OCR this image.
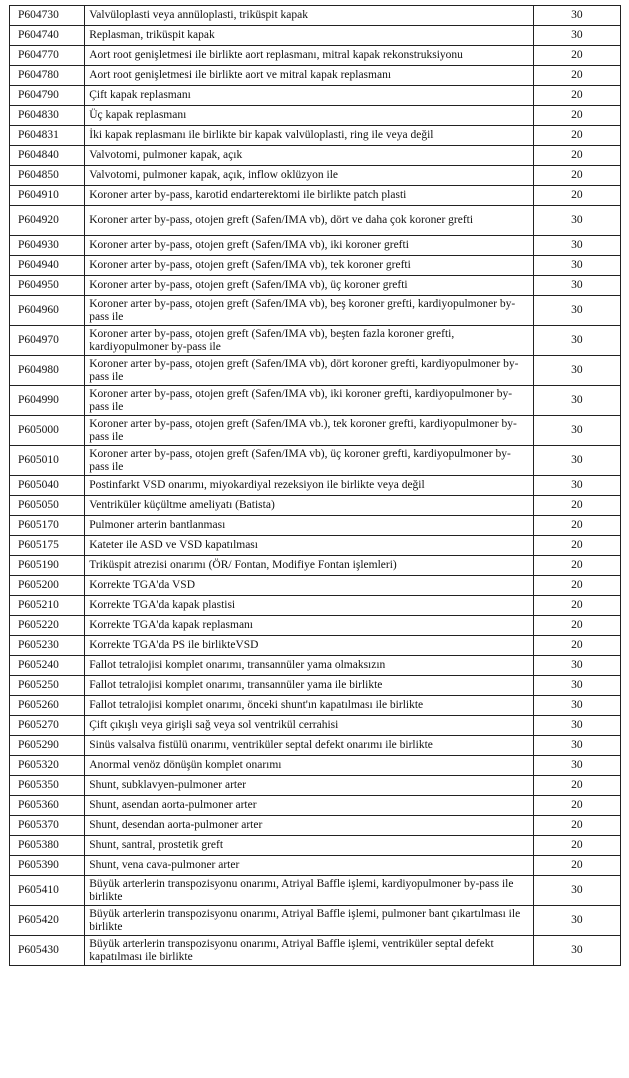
P604730	Valvüloplasti veya annüloplasti, triküspit kapak	30
P604740	Replasman, triküspit kapak	30
P604770	Aort root genişletmesi ile birlikte aort replasmanı, mitral kapak rekonstruksiyonu	20
P604780	Aort root genişletmesi ile birlikte aort ve mitral kapak replasmanı	20
P604790	Çift kapak replasmanı	20
P604830	Üç kapak replasmanı	20
P604831	İki kapak replasmanı ile birlikte bir kapak valvüloplasti, ring ile veya değil	20
P604840	Valvotomi, pulmoner kapak, açık	20
P604850	Valvotomi, pulmoner kapak, açık, inflow oklüzyon ile	20
P604910	Koroner arter by-pass, karotid endarterektomi ile birlikte patch plasti	20
P604920	Koroner arter by-pass, otojen greft (Safen/IMA vb), dört ve daha çok koroner grefti	30
P604930	Koroner arter by-pass, otojen greft (Safen/IMA vb), iki koroner grefti	30
P604940	Koroner arter by-pass, otojen greft (Safen/IMA vb), tek koroner grefti	30
P604950	Koroner arter by-pass, otojen greft (Safen/IMA vb), üç koroner grefti	30
P604960	Koroner arter by-pass, otojen greft (Safen/IMA vb), beş koroner grefti, kardiyopulmoner by-pass ile	30
P604970	Koroner arter by-pass, otojen greft (Safen/IMA vb), beşten fazla koroner grefti, kardiyopulmoner by-pass ile	30
P604980	Koroner arter by-pass, otojen greft (Safen/IMA vb), dört koroner grefti, kardiyopulmoner by-pass ile	30
P604990	Koroner arter by-pass, otojen greft (Safen/IMA vb), iki koroner grefti, kardiyopulmoner by-pass ile	30
P605000	Koroner arter by-pass, otojen greft (Safen/IMA vb.), tek koroner grefti, kardiyopulmoner by-pass ile	30
P605010	Koroner arter by-pass, otojen greft (Safen/IMA vb), üç koroner grefti, kardiyopulmoner by-pass ile	30
P605040	Postinfarkt VSD onarımı, miyokardiyal rezeksiyon ile birlikte veya değil	30
P605050	Ventriküler küçültme ameliyatı (Batista)	20
P605170	Pulmoner arterin bantlanması	20
P605175	Kateter ile ASD ve VSD kapatılması	20
P605190	Triküspit atrezisi onarımı (ÖR/ Fontan, Modifiye Fontan işlemleri)	20
P605200	Korrekte TGA'da VSD	20
P605210	Korrekte TGA'da kapak plastisi	20
P605220	Korrekte TGA'da kapak replasmanı	20
P605230	Korrekte TGA'da PS ile birlikteVSD	20
P605240	Fallot tetralojisi komplet onarımı, transannüler yama olmaksızın	30
P605250	Fallot tetralojisi komplet onarımı, transannüler yama ile birlikte	30
P605260	Fallot tetralojisi komplet onarımı, önceki shunt'ın kapatılması ile birlikte	30
P605270	Çift çıkışlı veya girişli sağ veya sol ventrikül cerrahisi	30
P605290	Sinüs valsalva fistülü onarımı, ventriküler septal defekt onarımı ile birlikte	30
P605320	Anormal venöz dönüşün komplet onarımı	30
P605350	Shunt, subklavyen-pulmoner arter	20
P605360	Shunt, asendan aorta-pulmoner arter	20
P605370	Shunt, desendan aorta-pulmoner arter	20
P605380	Shunt, santral, prostetik greft	20
P605390	Shunt, vena cava-pulmoner arter	20
P605410	Büyük arterlerin transpozisyonu onarımı, Atriyal Baffle işlemi, kardiyopulmoner by-pass ile birlikte	30
P605420	Büyük arterlerin transpozisyonu onarımı, Atriyal Baffle işlemi, pulmoner bant çıkartılması ile birlikte	30
P605430	Büyük arterlerin transpozisyonu onarımı, Atriyal Baffle işlemi, ventriküler septal defekt kapatılması ile birlikte	30
